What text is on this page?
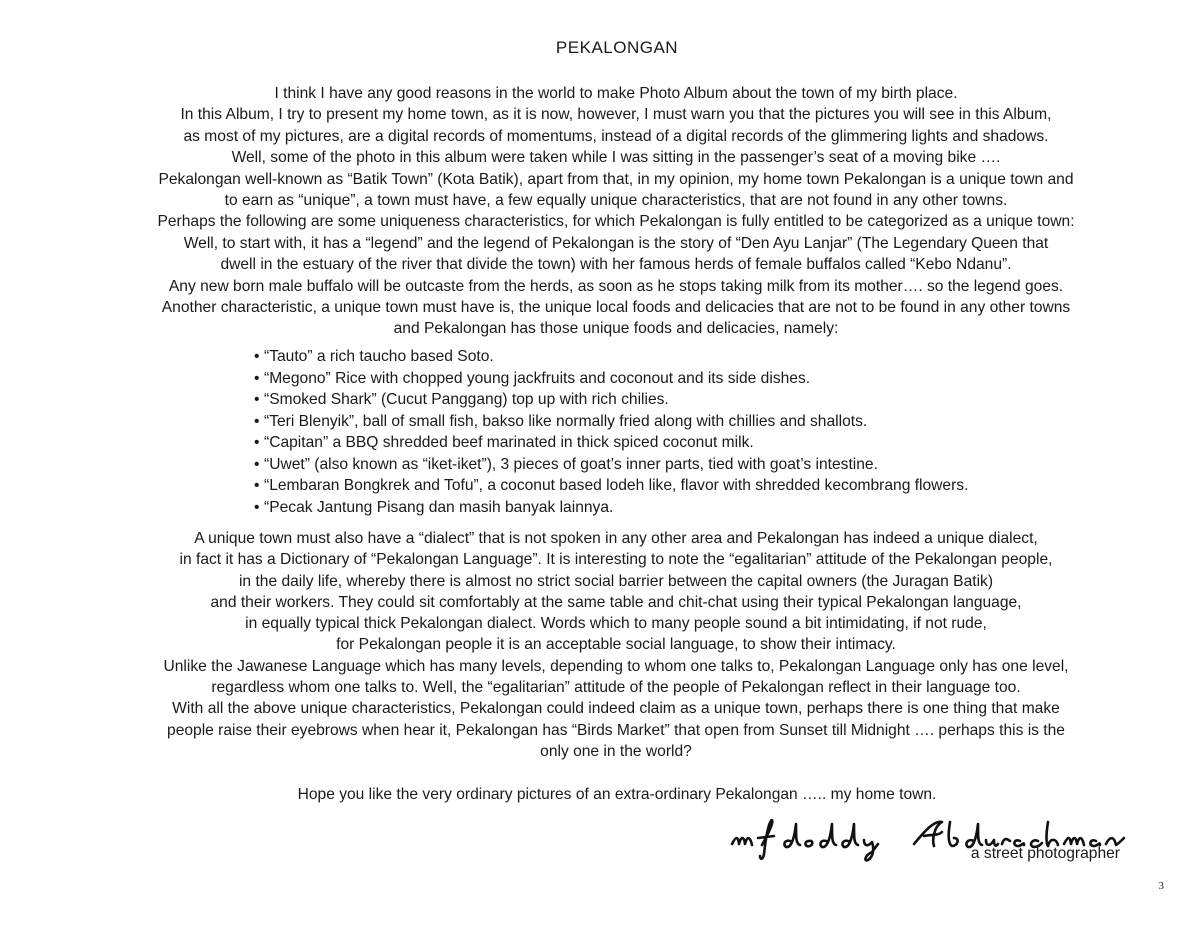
PEKALONGAN
I think I have any good reasons in the world to make Photo Album about the town of my birth place.
In this Album, I try to present my home town, as it is now, however, I must warn you that the pictures you will see in this Album,
as most of my pictures, are a digital records of momentums, instead of a digital records of the glimmering lights and shadows.
Well, some of the photo in this album were taken while I was sitting in the passenger’s seat of a moving bike ….
Pekalongan well-known as “Batik Town” (Kota Batik), apart from that, in my opinion, my home town Pekalongan is a unique town and
to earn as “unique”, a town must have, a few equally unique characteristics, that are not found in any other towns.
Perhaps the following are some uniqueness characteristics, for which Pekalongan is fully entitled to be categorized as a unique town:
Well, to start with, it has a “legend” and the legend of Pekalongan is the story of “Den Ayu Lanjar” (The Legendary Queen that
dwell in the estuary of the river that divide the town) with her famous herds of female buffalos called “Kebo Ndanu”.
Any new born male buffalo will be outcaste from the herds, as soon as he stops taking milk from its mother…. so the legend goes.
Another characteristic, a unique town must have is, the unique local foods and delicacies that are not to be found in any other towns
and Pekalongan has those unique foods and delicacies, namely:
• “Tauto” a rich taucho based Soto.
• “Megono” Rice with chopped young jackfruits and coconout and its side dishes.
• “Smoked Shark” (Cucut Panggang) top up with rich chilies.
• “Teri Blenyik”, ball of small fish, bakso like normally fried along with chillies and shallots.
• “Capitan” a BBQ shredded beef marinated in thick spiced coconut milk.
• “Uwet” (also known as “iket-iket”), 3 pieces of goat’s inner parts, tied with goat’s intestine.
• “Lembaran Bongkrek and Tofu”, a coconut based lodeh like, flavor with shredded kecombrang flowers.
• “Pecak Jantung Pisang dan masih banyak lainnya.
A unique town must also have a “dialect” that is not spoken in any other area and Pekalongan has indeed a unique dialect,
in fact it has a Dictionary of “Pekalongan Language”. It is interesting to note the “egalitarian” attitude of the Pekalongan people,
in the daily life, whereby there is almost no strict social barrier between the capital owners (the Juragan Batik)
and their workers. They could sit comfortably at the same table and chit-chat using their typical Pekalongan language,
in equally typical thick Pekalongan dialect. Words which to many people sound a bit intimidating, if not rude,
for Pekalongan people it is an acceptable social language, to show their intimacy.
Unlike the Jawanese Language which has many levels, depending to whom one talks to, Pekalongan Language only has one level,
regardless whom one talks to. Well, the “egalitarian” attitude of the people of Pekalongan reflect in their language too.
With all the above unique characteristics, Pekalongan could indeed claim as a unique town, perhaps there is one thing that make
people raise their eyebrows when hear it, Pekalongan has “Birds Market” that open from Sunset till Midnight …. perhaps this is the
only one in the world?
Hope you like the very ordinary pictures of an extra-ordinary Pekalongan ….. my home town.
a street photographer
3
